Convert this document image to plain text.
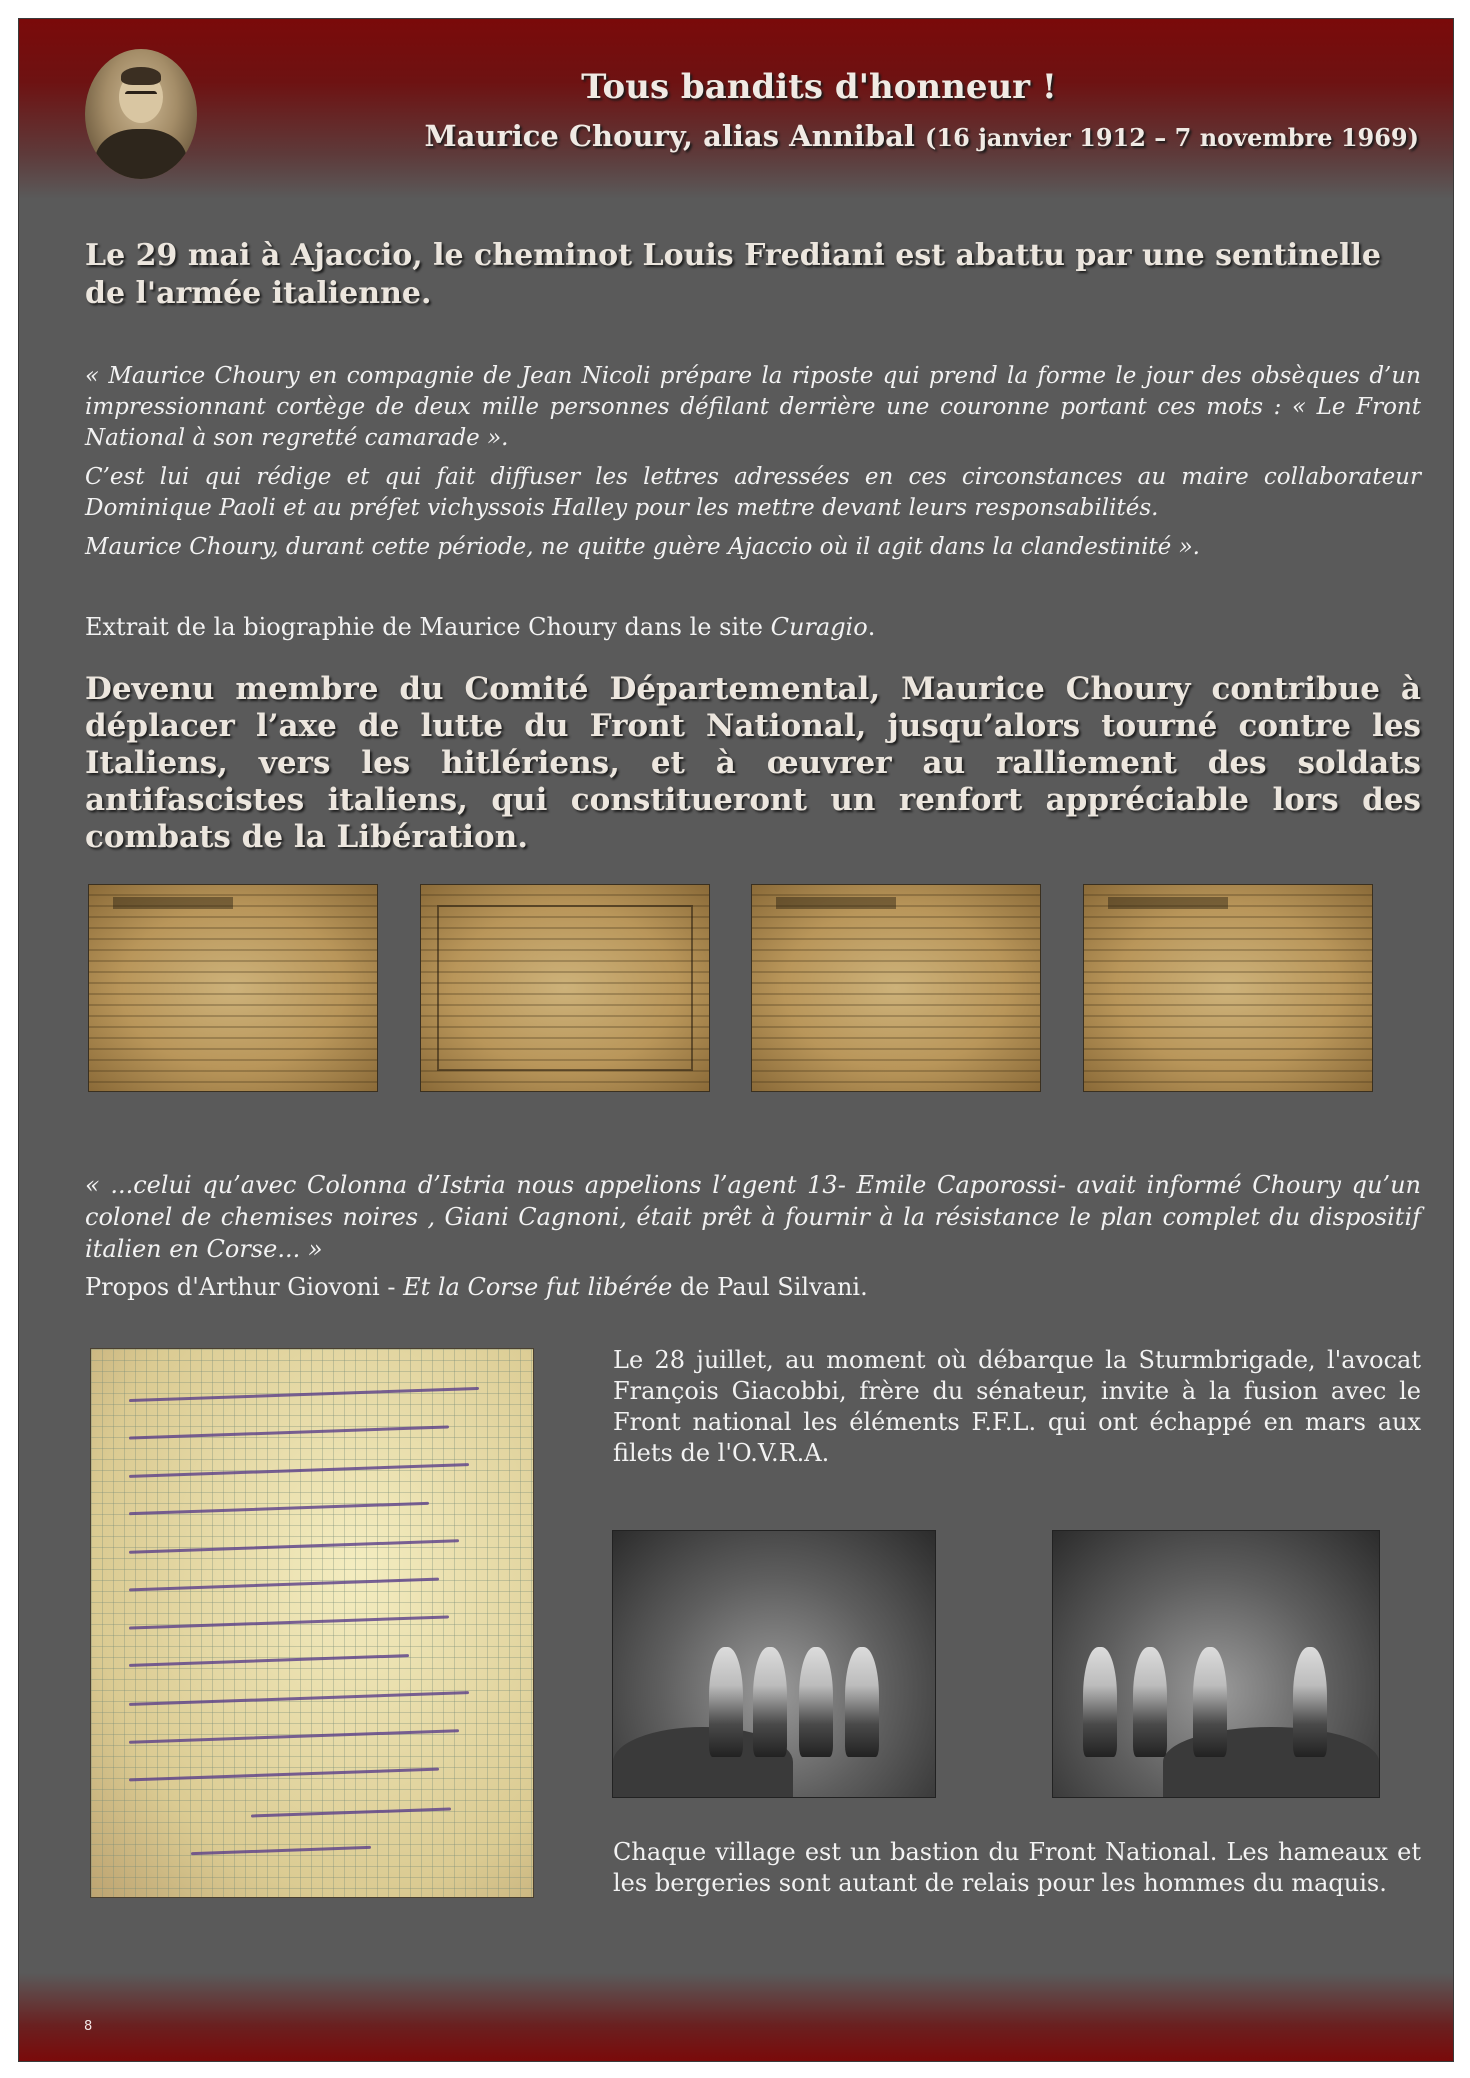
Tous bandits d'honneur !
Maurice Choury, alias Annibal (16 janvier 1912 – 7 novembre 1969)
Le 29 mai à Ajaccio, le cheminot Louis Frediani est abattu par une sentinelle de l'armée italienne.

« Maurice Choury en compagnie de Jean Nicoli prépare la riposte qui prend la forme le jour des obsèques d’un impressionnant cortège de deux mille personnes défilant derrière une couronne portant ces mots : « Le Front National à son regretté camarade ».

C’est lui qui rédige et qui fait diffuser les lettres adressées en ces circonstances au maire collaborateur Dominique Paoli et au préfet vichyssois Halley pour les mettre devant leurs responsabilités.

Maurice Choury, durant cette période, ne quitte guère Ajaccio où il agit dans la clandestinité ».

Extrait de la biographie de Maurice Choury dans le site Curagio.
Devenu membre du Comité Départemental, Maurice Choury contribue à déplacer l’axe de lutte du Front National, jusqu’alors tourné contre les Italiens, vers les hitlériens, et à œuvrer au ralliement des soldats antifascistes italiens, qui constitueront un renfort appréciable lors des combats de la Libération.
« ...celui qu’avec Colonna d’Istria nous appelions l’agent 13- Emile Caporossi- avait informé Choury qu’un colonel de chemises noires , Giani Cagnoni, était prêt à fournir à la résistance le plan complet du dispositif italien en Corse... »
Propos d'Arthur Giovoni - Et la Corse fut libérée de Paul Silvani.
Le 28 juillet, au moment où débarque la Sturmbrigade, l'avocat François Giacobbi, frère du sénateur, invite à la fusion avec le Front national les éléments F.F.L. qui ont échappé en mars aux filets de l'O.V.R.A.
Chaque village est un bastion du Front National. Les hameaux et les bergeries sont autant de relais pour les hommes du maquis.
8
